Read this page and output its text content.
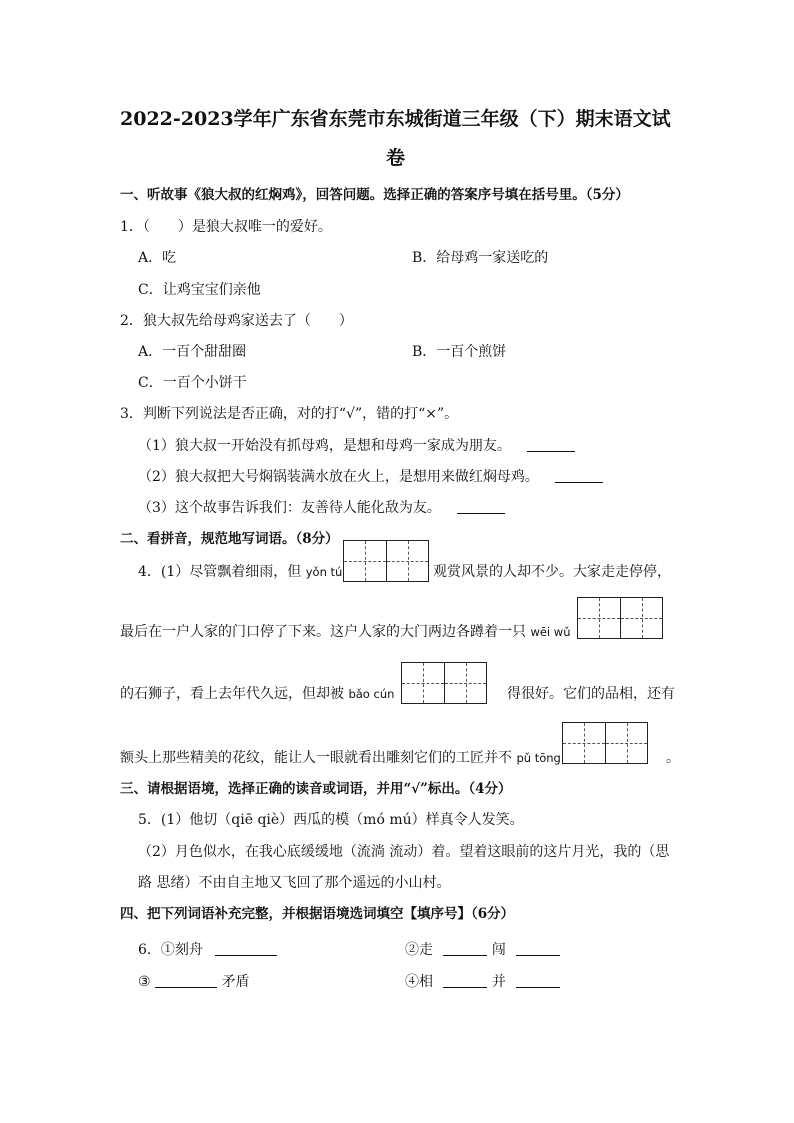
2022-2023学年广东省东莞市东城街道三年级（下）期末语文试
卷
一、听故事《狼大叔的红焖鸡》，回答问题。选择正确的答案序号填在括号里。（5分）
1．（　　）是狼大叔唯一的爱好。
A．吃	B．给母鸡一家送吃的
C．让鸡宝宝们亲他
2．狼大叔先给母鸡家送去了（　　）
A．一百个甜甜圈	B．一百个煎饼
C．一百个小饼干
3．判断下列说法是否正确，对的打“√”，错的打“×”。
（1）狼大叔一开始没有抓母鸡，是想和母鸡一家成为朋友。
（2）狼大叔把大号焖锅装满水放在火上，是想用来做红焖母鸡。
（3）这个故事告诉我们：友善待人能化敌为友。
二、看拼音，规范地写词语。（8分）
4．(1）尽管飘着细雨，但 yǒn tú	观赏风景的人却不少。大家走走停停，
最后在一户人家的门口停了下来。这户人家的大门两边各蹲着一只 wēi wǔ
的石狮子，看上去年代久远，但却被 bǎo cún	得很好。它们的品相，还有
额头上那些精美的花纹，能让人一眼就看出雕刻它们的工匠并不 pǔ tōng	。
三、请根据语境，选择正确的读音或词语，并用“√”标出。（4分）
5．(1）他切（qiē qiè）西瓜的模（mó mú）样真令人发笑。
（2）月色似水，在我心底缓缓地（流淌 流动）着。望着这眼前的这片月光，我的（思
路 思绪）不由自主地又飞回了那个遥远的小山村。
四、把下列词语补充完整，并根据语境选词填空【填序号】（6分）
6．①刻舟	②走	闯
③	矛盾	④相	并
